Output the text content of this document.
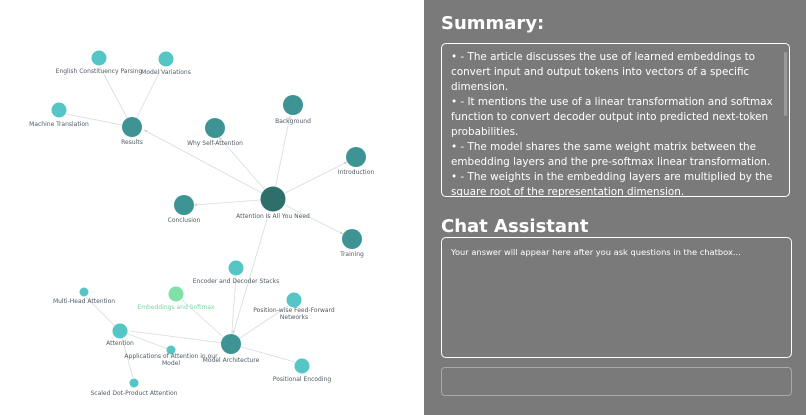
Attention Is All You Need
Results
Background
Why Self-Attention
Introduction
Conclusion
Training
Model Architecture
English Constituency Parsing
Model Variations
Machine Translation
Encoder and Decoder Stacks
Embeddings and Softmax	Position-wise Feed-Forward Networks
Attention
Multi-Head Attention
Applications of Attention in our Model
Scaled Dot-Product Attention
Positional Encoding
Summary:
• - The article discusses the use of learned embeddings to convert input and output tokens into vectors of a specific dimension.
• - It mentions the use of a linear transformation and softmax function to convert decoder output into predicted next-token probabilities.
• - The model shares the same weight matrix between the embedding layers and the pre-softmax linear transformation.
• - The weights in the embedding layers are multiplied by the square root of the representation dimension.
Chat Assistant
Your answer will appear here after you ask questions in the chatbox...
